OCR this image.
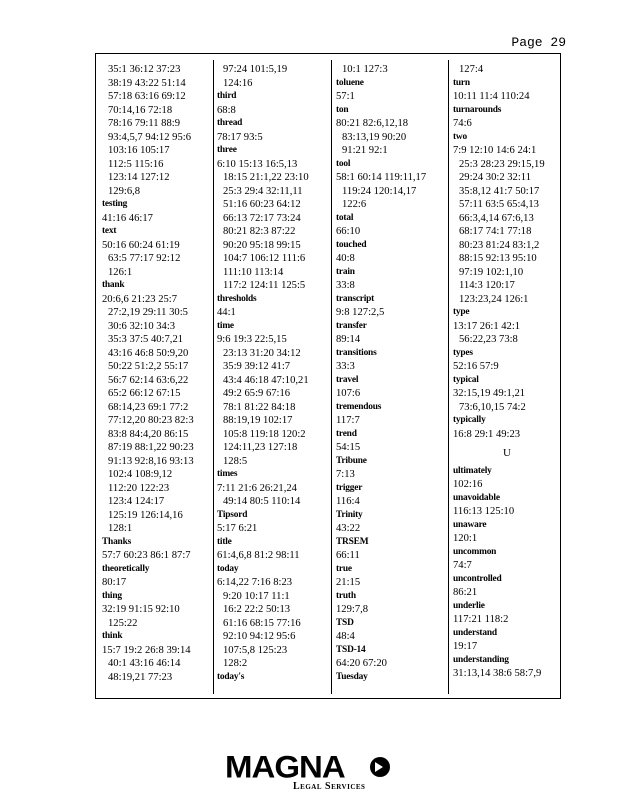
Page 29
35:1 36:12 37:23
38:19 43:22 51:14
57:18 63:16 69:12
70:14,16 72:18
78:16 79:11 88:9
93:4,5,7 94:12 95:6
103:16 105:17
112:5 115:16
123:14 127:12
129:6,8
testing
41:16 46:17
text
50:16 60:24 61:19
63:5 77:17 92:12
126:1
thank
20:6,6 21:23 25:7
27:2,19 29:11 30:5
30:6 32:10 34:3
35:3 37:5 40:7,21
43:16 46:8 50:9,20
50:22 51:2,2 55:17
56:7 62:14 63:6,22
65:2 66:12 67:15
68:14,23 69:1 77:2
77:12,20 80:23 82:3
83:8 84:4,20 86:15
87:19 88:1,22 90:23
91:13 92:8,16 93:13
102:4 108:9,12
112:20 122:23
123:4 124:17
125:19 126:14,16
128:1
Thanks
57:7 60:23 86:1 87:7
theoretically
80:17
thing
32:19 91:15 92:10
125:22
think
15:7 19:2 26:8 39:14
40:1 43:16 46:14
48:19,21 77:23
97:24 101:5,19
124:16
third
68:8
thread
78:17 93:5
three
6:10 15:13 16:5,13
18:15 21:1,22 23:10
25:3 29:4 32:11,11
51:16 60:23 64:12
66:13 72:17 73:24
80:21 82:3 87:22
90:20 95:18 99:15
104:7 106:12 111:6
111:10 113:14
117:2 124:11 125:5
thresholds
44:1
time
9:6 19:3 22:5,15
23:13 31:20 34:12
35:9 39:12 41:7
43:4 46:18 47:10,21
49:2 65:9 67:16
78:1 81:22 84:18
88:19,19 102:17
105:8 119:18 120:2
124:11,23 127:18
128:5
times
7:11 21:6 26:21,24
49:14 80:5 110:14
Tipsord
5:17 6:21
title
61:4,6,8 81:2 98:11
today
6:14,22 7:16 8:23
9:20 10:17 11:1
16:2 22:2 50:13
61:16 68:15 77:16
92:10 94:12 95:6
107:5,8 125:23
128:2
today's
10:1 127:3
toluene
57:1
ton
80:21 82:6,12,18
83:13,19 90:20
91:21 92:1
tool
58:1 60:14 119:11,17
119:24 120:14,17
122:6
total
66:10
touched
40:8
train
33:8
transcript
9:8 127:2,5
transfer
89:14
transitions
33:3
travel
107:6
tremendous
117:7
trend
54:15
Tribune
7:13
trigger
116:4
Trinity
43:22
TRSEM
66:11
true
21:15
truth
129:7,8
TSD
48:4
TSD-14
64:20 67:20
Tuesday
127:4
turn
10:11 11:4 110:24
turnarounds
74:6
two
7:9 12:10 14:6 24:1
25:3 28:23 29:15,19
29:24 30:2 32:11
35:8,12 41:7 50:17
57:11 63:5 65:4,13
66:3,4,14 67:6,13
68:17 74:1 77:18
80:23 81:24 83:1,2
88:15 92:13 95:10
97:19 102:1,10
114:3 120:17
123:23,24 126:1
type
13:17 26:1 42:1
56:22,23 73:8
types
52:16 57:9
typical
32:15,19 49:1,21
73:6,10,15 74:2
typically
16:8 29:1 49:23
U
ultimately
102:16
unavoidable
116:13 125:10
unaware
120:1
uncommon
74:7
uncontrolled
86:21
underlie
117:21 118:2
understand
19:17
understanding
31:13,14 38:6 58:7,9
MAGNA
Legal Services
